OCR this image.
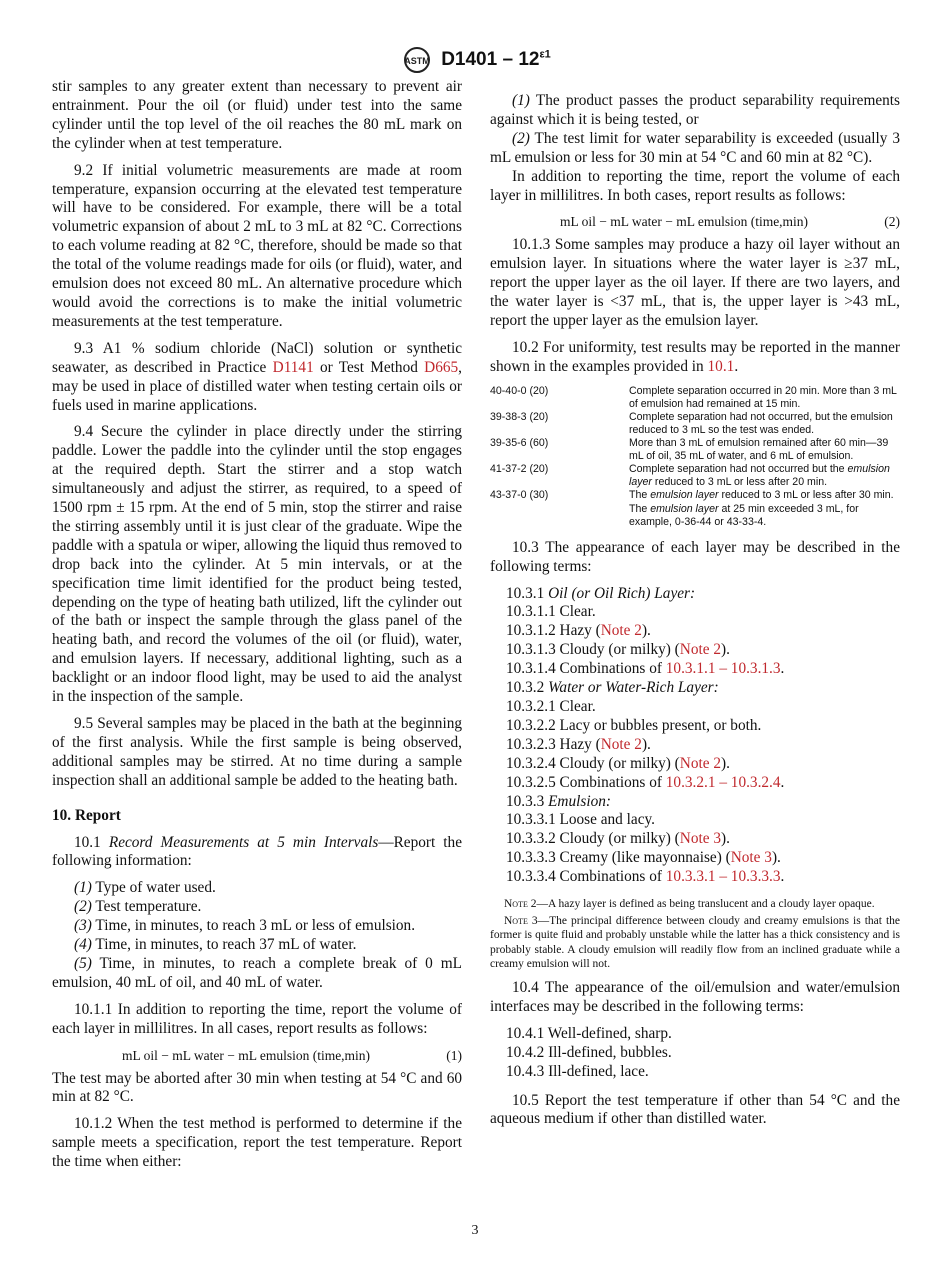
ASTM $D1401 - 12^{\varepsilon 1}$
stir samples to any greater extent than necessary to prevent air entrainment. Pour the oil (or fluid) under test into the same cylinder until the top level of the oil reaches the 80 mL mark on the cylinder when at test temperature.
9.2 If initial volumetric measurements are made at room temperature, expansion occurring at the elevated test temperature will have to be considered. For example, there will be a total volumetric expansion of about 2 mL to 3 mL at 82 °C. Corrections to each volume reading at 82 °C, therefore, should be made so that the total of the volume readings made for oils (or fluid), water, and emulsion does not exceed 80 mL. An alternative procedure which would avoid the corrections is to make the initial volumetric measurements at the test temperature.
9.3 A1 % sodium chloride (NaCl) solution or synthetic seawater, as described in Practice D1141 or Test Method D665, may be used in place of distilled water when testing certain oils or fuels used in marine applications.
9.4 Secure the cylinder in place directly under the stirring paddle. Lower the paddle into the cylinder until the stop engages at the required depth. Start the stirrer and a stop watch simultaneously and adjust the stirrer, as required, to a speed of 1500 rpm ± 15 rpm. At the end of 5 min, stop the stirrer and raise the stirring assembly until it is just clear of the graduate. Wipe the paddle with a spatula or wiper, allowing the liquid thus removed to drop back into the cylinder. At 5 min intervals, or at the specification time limit identified for the product being tested, depending on the type of heating bath utilized, lift the cylinder out of the bath or inspect the sample through the glass panel of the heating bath, and record the volumes of the oil (or fluid), water, and emulsion layers. If necessary, additional lighting, such as a backlight or an indoor flood light, may be used to aid the analyst in the inspection of the sample.
9.5 Several samples may be placed in the bath at the beginning of the first analysis. While the first sample is being observed, additional samples may be stirred. At no time during a sample inspection shall an additional sample be added to the heating bath.
10. Report
10.1 Record Measurements at 5 min Intervals—Report the following information:
(1) Type of water used.
(2) Test temperature.
(3) Time, in minutes, to reach 3 mL or less of emulsion.
(4) Time, in minutes, to reach 37 mL of water.
(5) Time, in minutes, to reach a complete break of 0 mL emulsion, 40 mL of oil, and 40 mL of water.
10.1.1 In addition to reporting the time, report the volume of each layer in millilitres. In all cases, report results as follows:
mL oil − mL water − mL emulsion (time,min)	(1)
The test may be aborted after 30 min when testing at 54 °C and 60 min at 82 °C.
10.1.2 When the test method is performed to determine if the sample meets a specification, report the test temperature. Report the time when either:
(1) The product passes the product separability requirements against which it is being tested, or
(2) The test limit for water separability is exceeded (usually 3 mL emulsion or less for 30 min at 54 °C and 60 min at 82 °C).
In addition to reporting the time, report the volume of each layer in millilitres. In both cases, report results as follows:
mL oil − mL water − mL emulsion (time,min)	(2)
10.1.3 Some samples may produce a hazy oil layer without an emulsion layer. In situations where the water layer is ≥37 mL, report the upper layer as the oil layer. If there are two layers, and the water layer is <37 mL, that is, the upper layer is >43 mL, report the upper layer as the emulsion layer.
10.2 For uniformity, test results may be reported in the manner shown in the examples provided in 10.1.
40-40-0 (20)	Complete separation occurred in 20 min. More than 3 mL of emulsion had remained at 15 min.
39-38-3 (20)	Complete separation had not occurred, but the emulsion reduced to 3 mL so the test was ended.
39-35-6 (60)	More than 3 mL of emulsion remained after 60 min—39 mL of oil, 35 mL of water, and 6 mL of emulsion.
41-37-2 (20)	Complete separation had not occurred but the emulsion layer reduced to 3 mL or less after 20 min.
43-37-0 (30)	The emulsion layer reduced to 3 mL or less after 30 min. The emulsion layer at 25 min exceeded 3 mL, for example, 0-36-44 or 43-33-4.
10.3 The appearance of each layer may be described in the following terms:
10.3.1 Oil (or Oil Rich) Layer:
10.3.1.1 Clear.
10.3.1.2 Hazy (Note 2).
10.3.1.3 Cloudy (or milky) (Note 2).
10.3.1.4 Combinations of 10.3.1.1 – 10.3.1.3.
10.3.2 Water or Water-Rich Layer:
10.3.2.1 Clear.
10.3.2.2 Lacy or bubbles present, or both.
10.3.2.3 Hazy (Note 2).
10.3.2.4 Cloudy (or milky) (Note 2).
10.3.2.5 Combinations of 10.3.2.1 – 10.3.2.4.
10.3.3 Emulsion:
10.3.3.1 Loose and lacy.
10.3.3.2 Cloudy (or milky) (Note 3).
10.3.3.3 Creamy (like mayonnaise) (Note 3).
10.3.3.4 Combinations of 10.3.3.1 – 10.3.3.3.
Note 2—A hazy layer is defined as being translucent and a cloudy layer opaque.
Note 3—The principal difference between cloudy and creamy emulsions is that the former is quite fluid and probably unstable while the latter has a thick consistency and is probably stable. A cloudy emulsion will readily flow from an inclined graduate while a creamy emulsion will not.
10.4 The appearance of the oil/emulsion and water/emulsion interfaces may be described in the following terms:
10.4.1 Well-defined, sharp.
10.4.2 Ill-defined, bubbles.
10.4.3 Ill-defined, lace.
10.5 Report the test temperature if other than 54 °C and the aqueous medium if other than distilled water.
3
